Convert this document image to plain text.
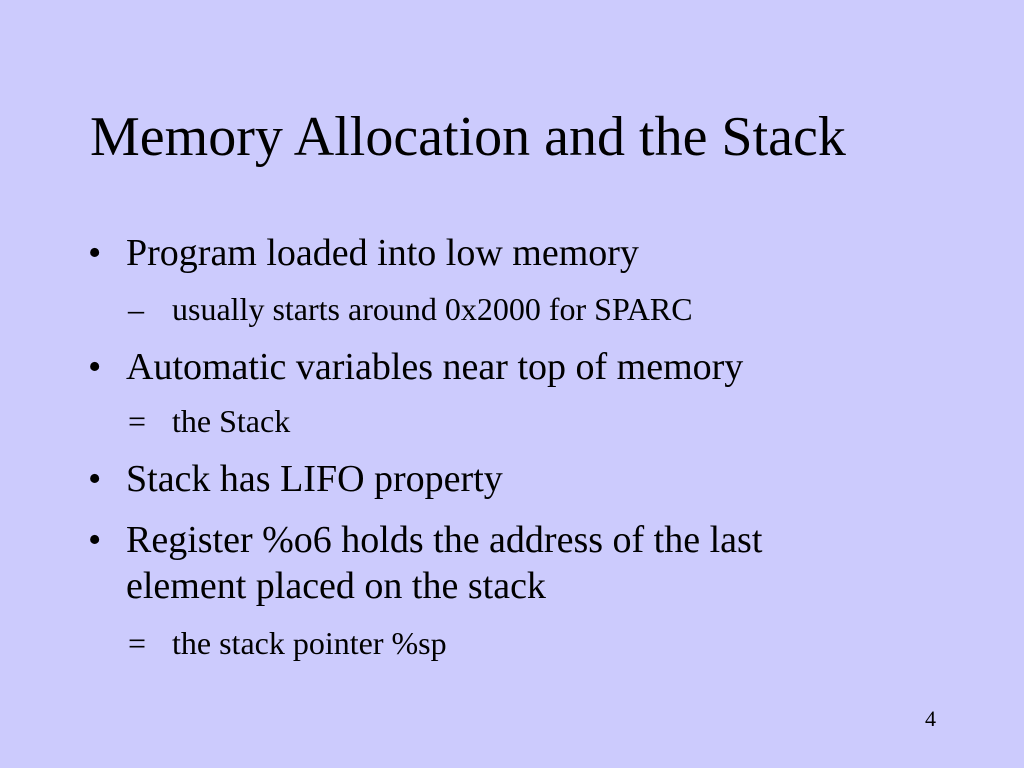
Memory Allocation and the Stack
• Program loaded into low memory
– usually starts around 0x2000 for SPARC
• Automatic variables near top of memory
= the Stack
• Stack has LIFO property
• Register %o6 holds the address of the last
element placed on the stack
= the stack pointer %sp
4
